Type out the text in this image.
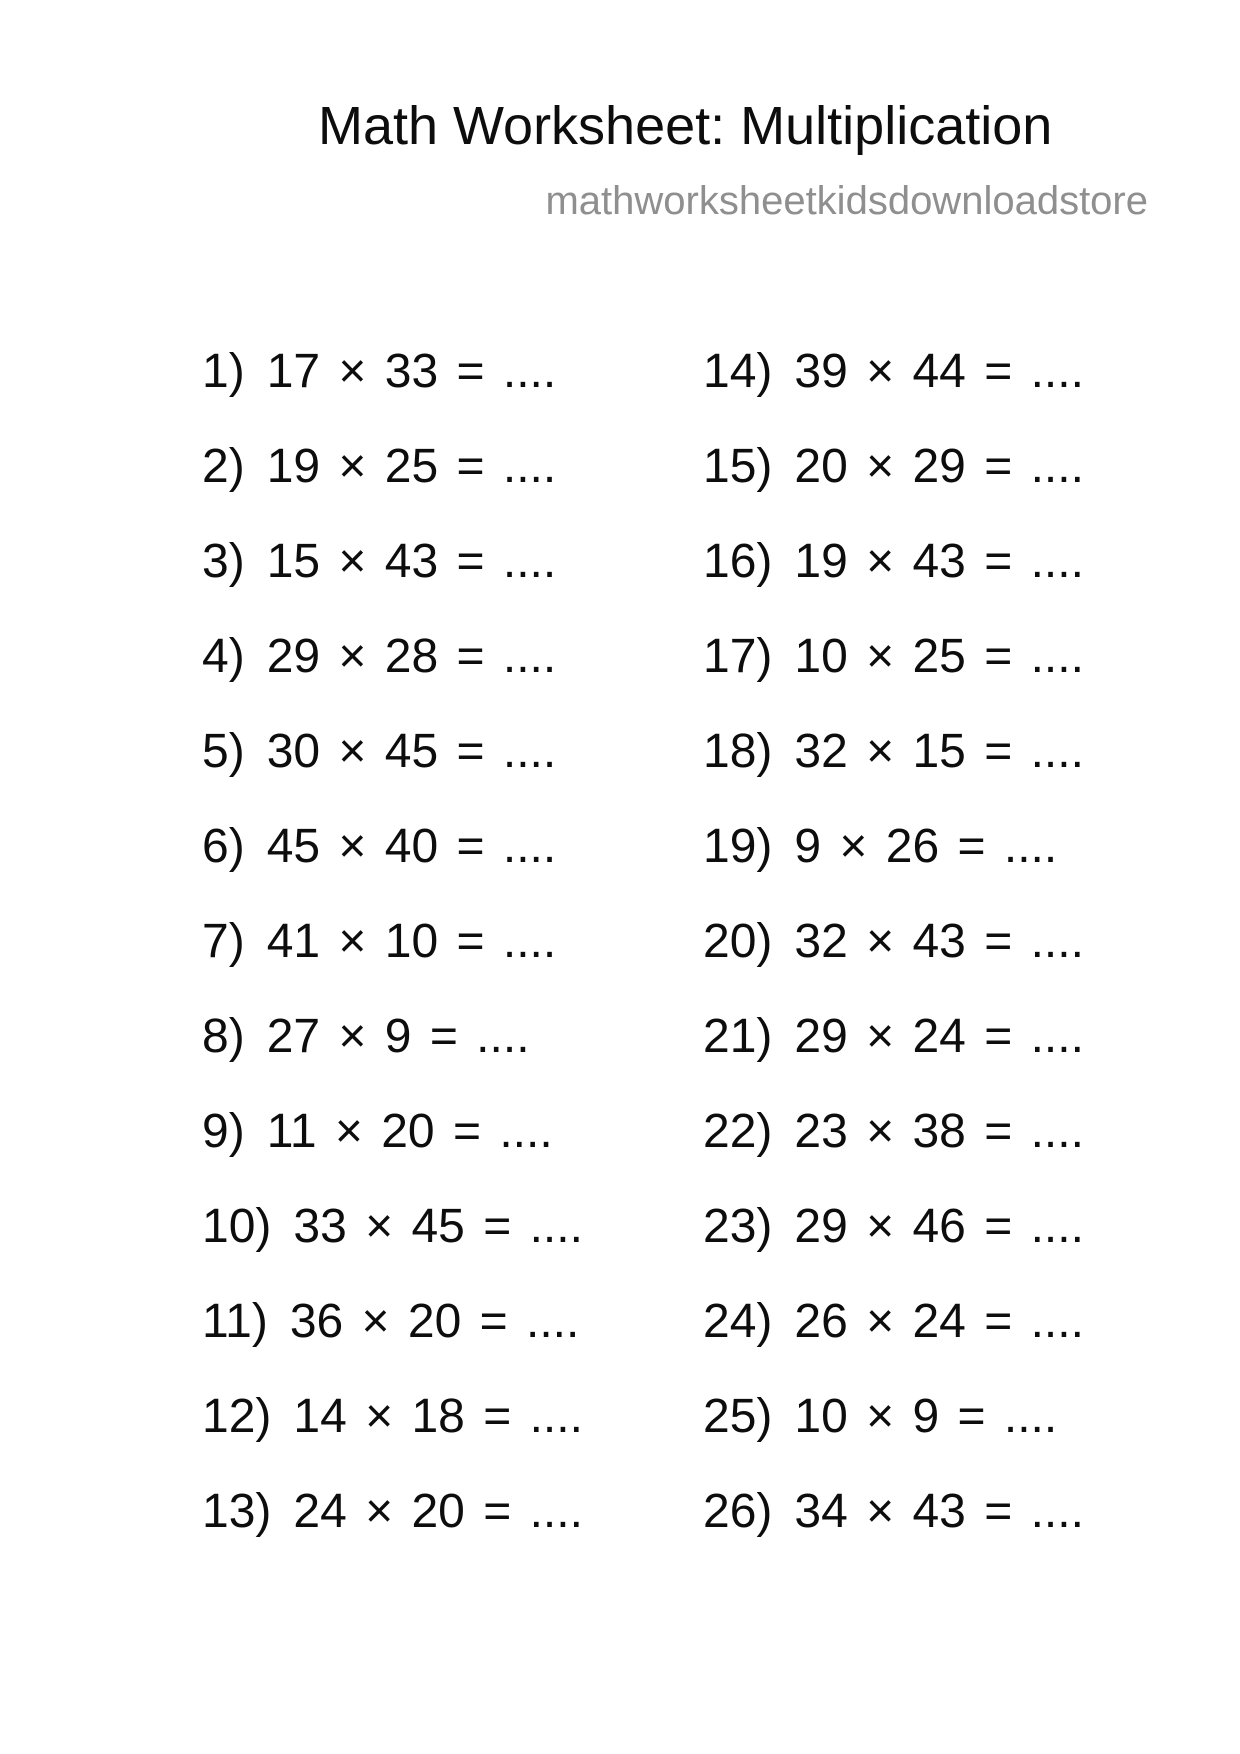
Math Worksheet: Multiplication
mathworksheetkidsdownloadstore
1) 17 × 33 = ....
2) 19 × 25 = ....
3) 15 × 43 = ....
4) 29 × 28 = ....
5) 30 × 45 = ....
6) 45 × 40 = ....
7) 41 × 10 = ....
8) 27 × 9 = ....
9) 11 × 20 = ....
10) 33 × 45 = ....
11) 36 × 20 = ....
12) 14 × 18 = ....
13) 24 × 20 = ....
14) 39 × 44 = ....
15) 20 × 29 = ....
16) 19 × 43 = ....
17) 10 × 25 = ....
18) 32 × 15 = ....
19) 9 × 26 = ....
20) 32 × 43 = ....
21) 29 × 24 = ....
22) 23 × 38 = ....
23) 29 × 46 = ....
24) 26 × 24 = ....
25) 10 × 9 = ....
26) 34 × 43 = ....
